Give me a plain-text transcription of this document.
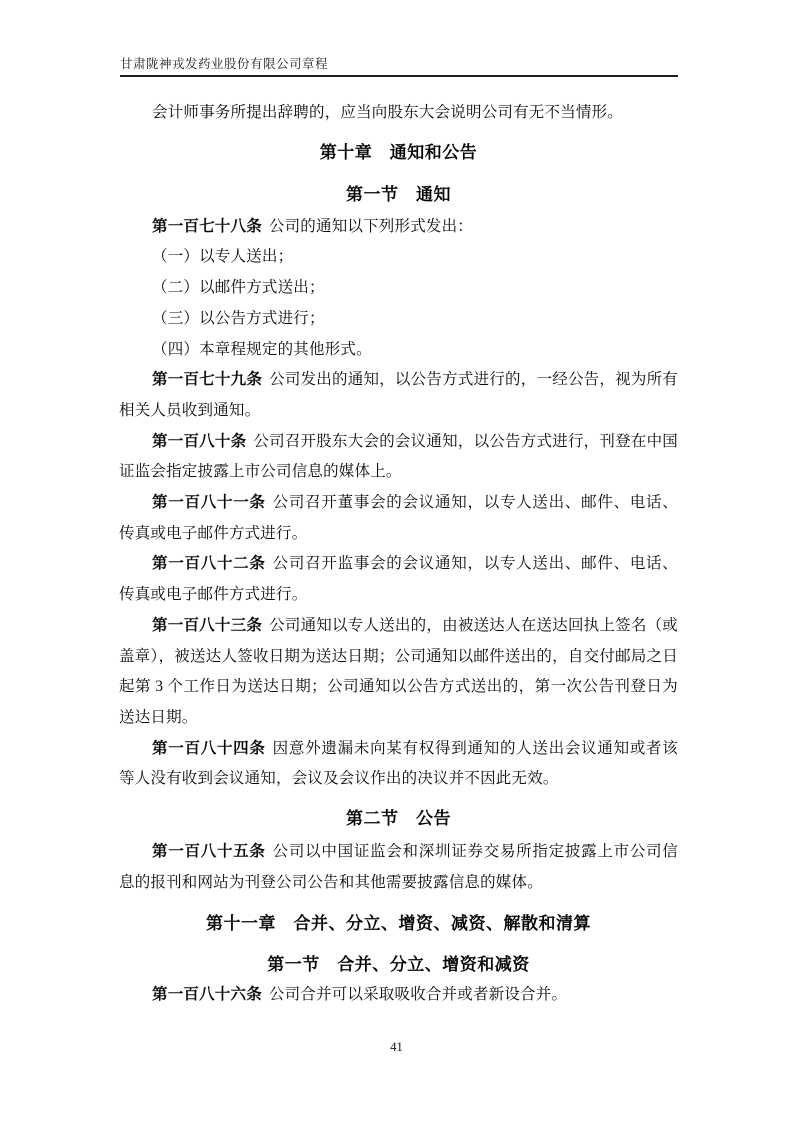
甘肃陇神戎发药业股份有限公司章程
会计师事务所提出辞聘的，应当向股东大会说明公司有无不当情形。
第十章　通知和公告
第一节　通知
第一百七十八条 公司的通知以下列形式发出：
（一）以专人送出；
（二）以邮件方式送出；
（三）以公告方式进行；
（四）本章程规定的其他形式。
第一百七十九条 公司发出的通知，以公告方式进行的，一经公告，视为所有
相关人员收到通知。
第一百八十条 公司召开股东大会的会议通知，以公告方式进行，刊登在中国
证监会指定披露上市公司信息的媒体上。
第一百八十一条 公司召开董事会的会议通知，以专人送出、邮件、电话、
传真或电子邮件方式进行。
第一百八十二条 公司召开监事会的会议通知，以专人送出、邮件、电话、
传真或电子邮件方式进行。
第一百八十三条 公司通知以专人送出的，由被送达人在送达回执上签名（或
盖章），被送达人签收日期为送达日期；公司通知以邮件送出的，自交付邮局之日
起第 3 个工作日为送达日期；公司通知以公告方式送出的，第一次公告刊登日为
送达日期。
第一百八十四条 因意外遗漏未向某有权得到通知的人送出会议通知或者该
等人没有收到会议通知，会议及会议作出的决议并不因此无效。
第二节　公告
第一百八十五条 公司以中国证监会和深圳证券交易所指定披露上市公司信
息的报刊和网站为刊登公司公告和其他需要披露信息的媒体。
第十一章　合并、分立、增资、减资、解散和清算
第一节　合并、分立、增资和减资
第一百八十六条 公司合并可以采取吸收合并或者新设合并。
41
